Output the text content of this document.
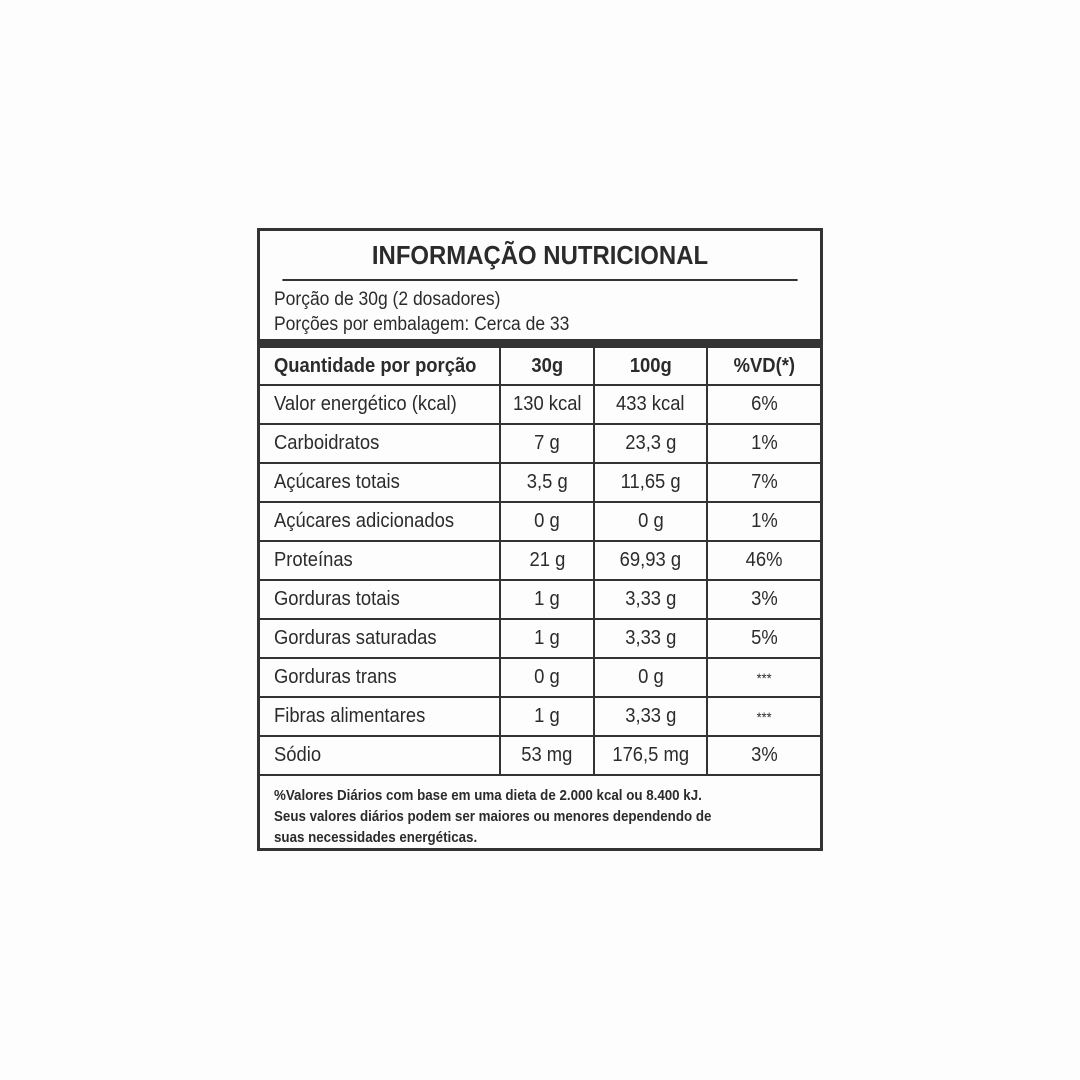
INFORMAÇÃO NUTRICIONAL
Porção de 30g (2 dosadores)
Porções por embalagem: Cerca de 33
Quantidade por porção	30g	100g	%VD(*)
Valor energético (kcal)	130 kcal	433 kcal	6%
Carboidratos	7 g	23,3 g	1%
Açúcares totais	3,5 g	11,65 g	7%
Açúcares adicionados	0 g	0 g	1%
Proteínas	21 g	69,93 g	46%
Gorduras totais	1 g	3,33 g	3%
Gorduras saturadas	1 g	3,33 g	5%
Gorduras trans	0 g	0 g	***
Fibras alimentares	1 g	3,33 g	***
Sódio	53 mg	176,5 mg	3%
%Valores Diários com base em uma dieta de 2.000 kcal ou 8.400 kJ.
Seus valores diários podem ser maiores ou menores dependendo de
suas necessidades energéticas.
